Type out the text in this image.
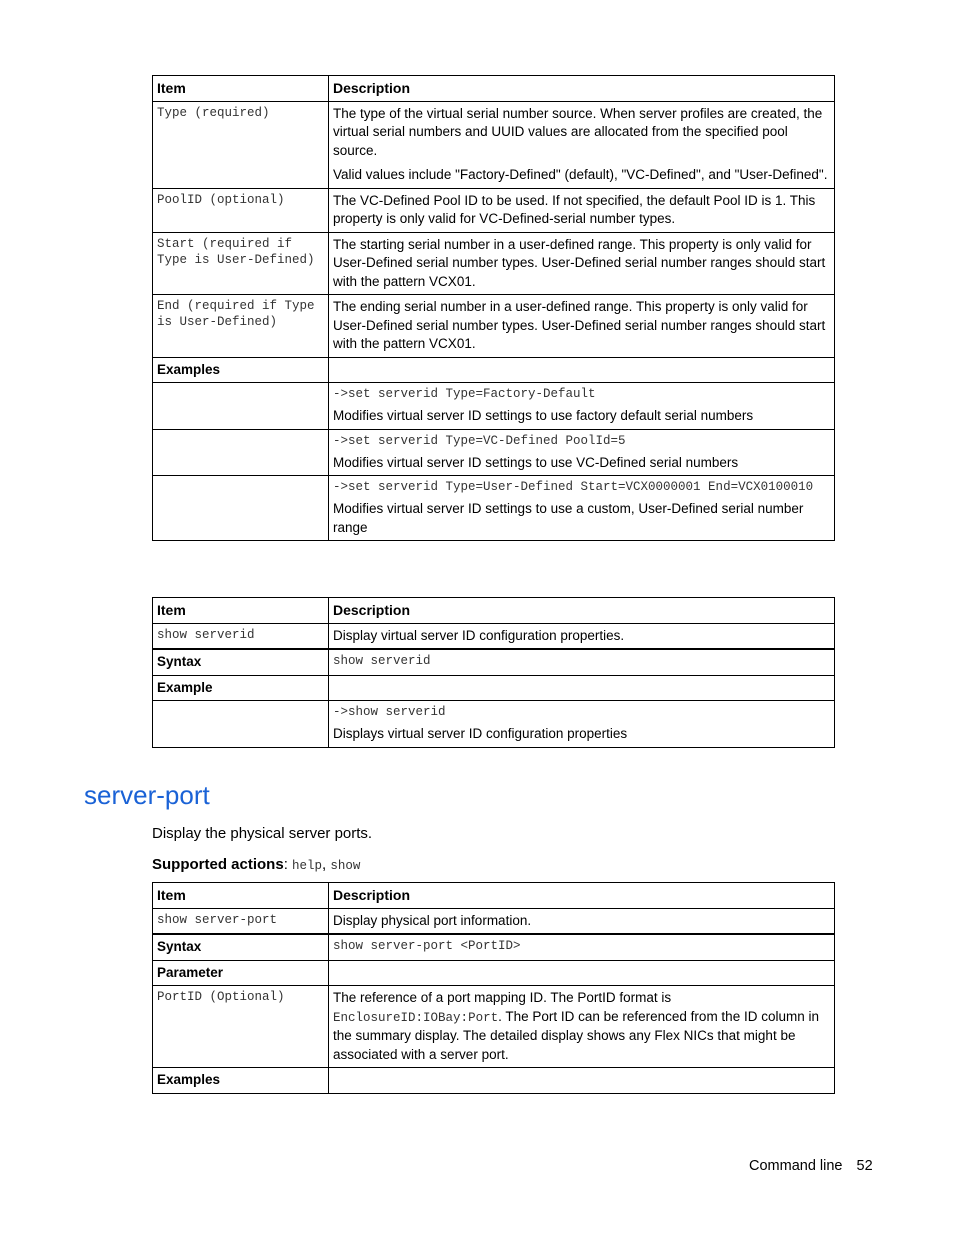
Item	Description
Type (required)	The type of the virtual serial number source. When server profiles are created, the virtual serial numbers and UUID values are allocated from the specified pool source.
Valid values include "Factory-Defined" (default), "VC-Defined", and "User-Defined".

PoolID (optional)	The VC-Defined Pool ID to be used. If not specified, the default Pool ID is 1. This property is only valid for VC-Defined-serial number types.
Start (required if Type is User-Defined)	The starting serial number in a user-defined range. This property is only valid for User-Defined serial number types. User-Defined serial number ranges should start with the pattern VCX01.
End (required if Type is User-Defined)	The ending serial number in a user-defined range. This property is only valid for User-Defined serial number types. User-Defined serial number ranges should start with the pattern VCX01.
Examples	

	->set serverid Type=Factory-Default
Modifies virtual server ID settings to use factory default serial numbers

	->set serverid Type=VC-Defined PoolId=5
Modifies virtual server ID settings to use VC-Defined serial numbers

	->set serverid Type=User-Defined Start=VCX0000001 End=VCX0100010
Modifies virtual server ID settings to use a custom, User-Defined serial number range
Item	Description
show serverid	Display virtual server ID configuration properties.
Syntax	show serverid
Example	

	->show serverid
Displays virtual server ID configuration properties
server-port

Display the physical server ports.

Supported actions: help, show

Item	Description
show server-port	Display physical port information.
Syntax	show server-port <PortID>
Parameter	
PortID (Optional)	The reference of a port mapping ID. The PortID format is EnclosureID:IOBay:Port. The Port ID can be referenced from the ID column in the summary display. The detailed display shows any Flex NICs that might be associated with a server port.
Examples	
Command line 52
